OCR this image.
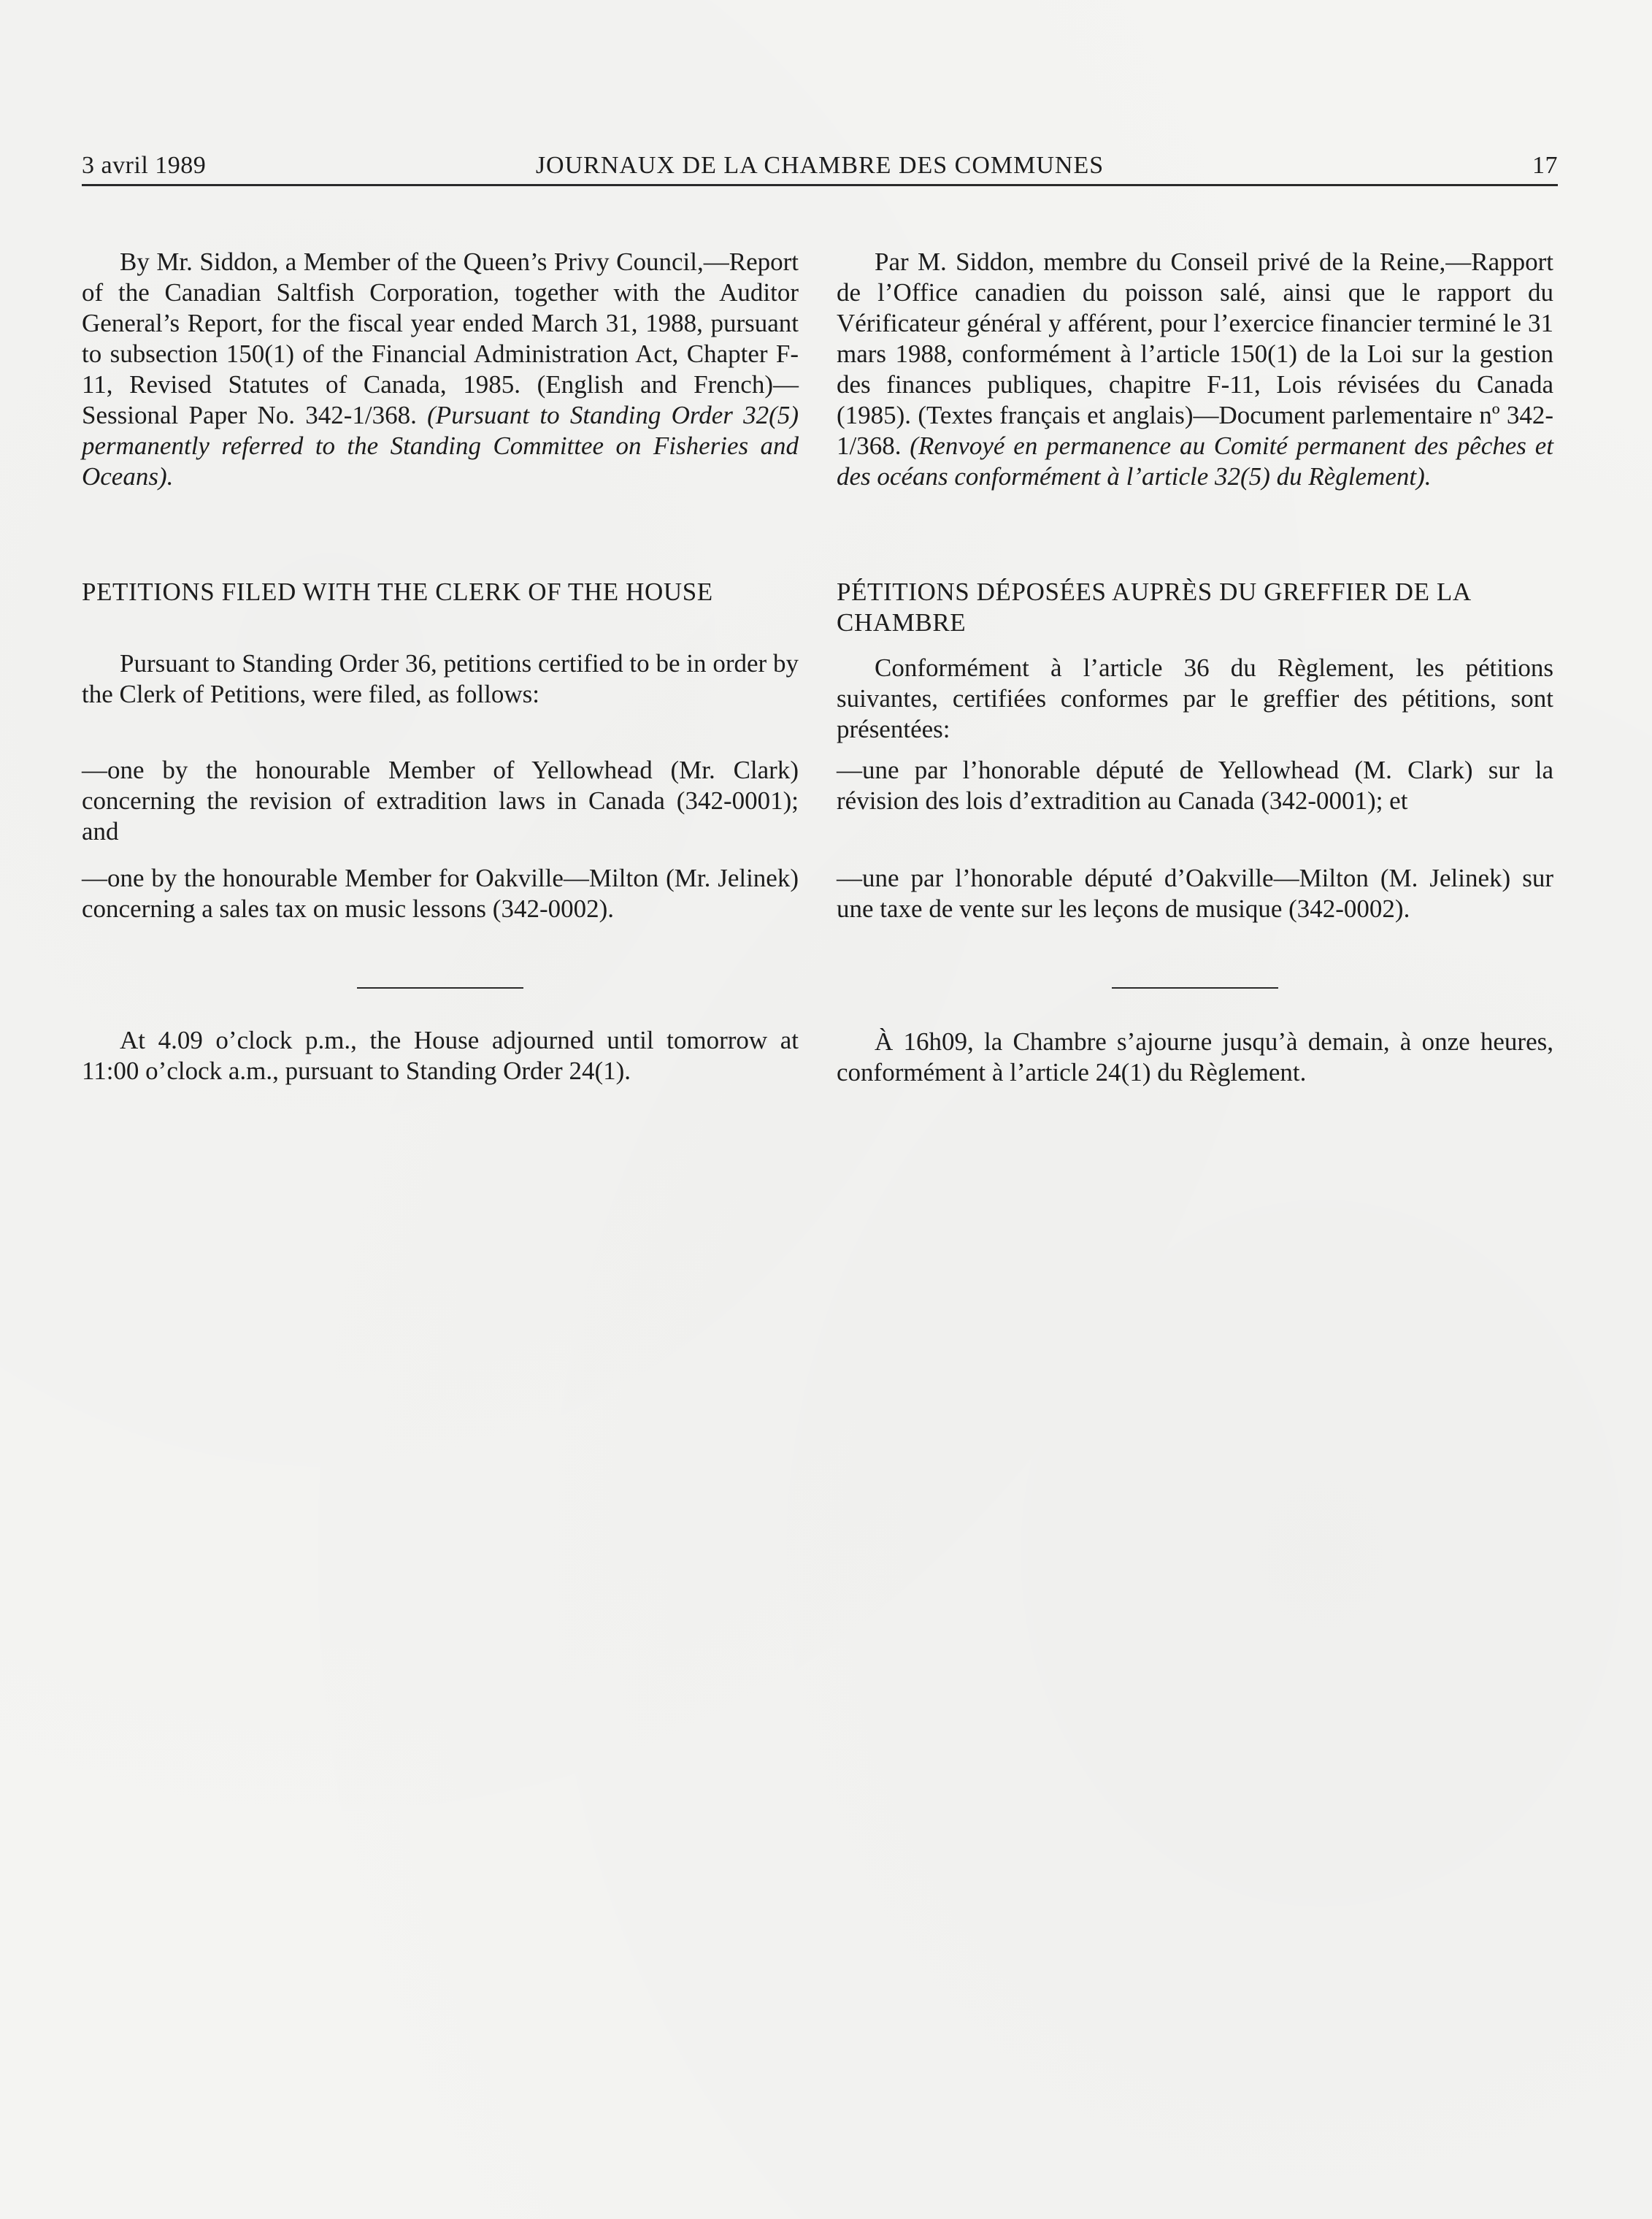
3 avril 1989	JOURNAUX DE LA CHAMBRE DES COMMUNES	17

By Mr. Siddon, a Member of the Queen’s Privy Council,—Report of the Canadian Saltfish Corporation, together with the Auditor General’s Report, for the fiscal year ended March 31, 1988, pursuant to subsection 150(1) of the Financial Administration Act, Chapter F-11, Revised Statutes of Canada, 1985. (English and French)—Sessional Paper No. 342-1/368. (Pursuant to Standing Order 32(5) permanently referred to the Standing Committee on Fisheries and Oceans).

PETITIONS FILED WITH THE CLERK OF THE HOUSE

Pursuant to Standing Order 36, petitions certified to be in order by the Clerk of Petitions, were filed, as follows:

—one by the honourable Member of Yellowhead (Mr. Clark) concerning the revision of extradition laws in Canada (342-0001); and

—one by the honourable Member for Oakville—Milton (Mr. Jelinek) concerning a sales tax on music lessons (342-0002).

At 4.09 o’clock p.m., the House adjourned until tomorrow at 11:00 o’clock a.m., pursuant to Standing Order 24(1).

Par M. Siddon, membre du Conseil privé de la Reine,—Rapport de l’Office canadien du poisson salé, ainsi que le rapport du Vérificateur général y afférent, pour l’exercice financier terminé le 31 mars 1988, conformément à l’article 150(1) de la Loi sur la gestion des finances publiques, chapitre F-11, Lois révisées du Canada (1985). (Textes français et anglais)—Document parlementaire nº 342-1/368. (Renvoyé en permanence au Comité permanent des pêches et des océans conformément à l’article 32(5) du Règlement).

PÉTITIONS DÉPOSÉES AUPRÈS DU GREFFIER DE LA CHAMBRE

Conformément à l’article 36 du Règlement, les pétitions suivantes, certifiées conformes par le greffier des pétitions, sont présentées:

—une par l’honorable député de Yellowhead (M. Clark) sur la révision des lois d’extradition au Canada (342-0001); et

—une par l’honorable député d’Oakville—Milton (M. Jelinek) sur une taxe de vente sur les leçons de musique (342-0002).

À 16h09, la Chambre s’ajourne jusqu’à demain, à onze heures, conformément à l’article 24(1) du Règlement.
